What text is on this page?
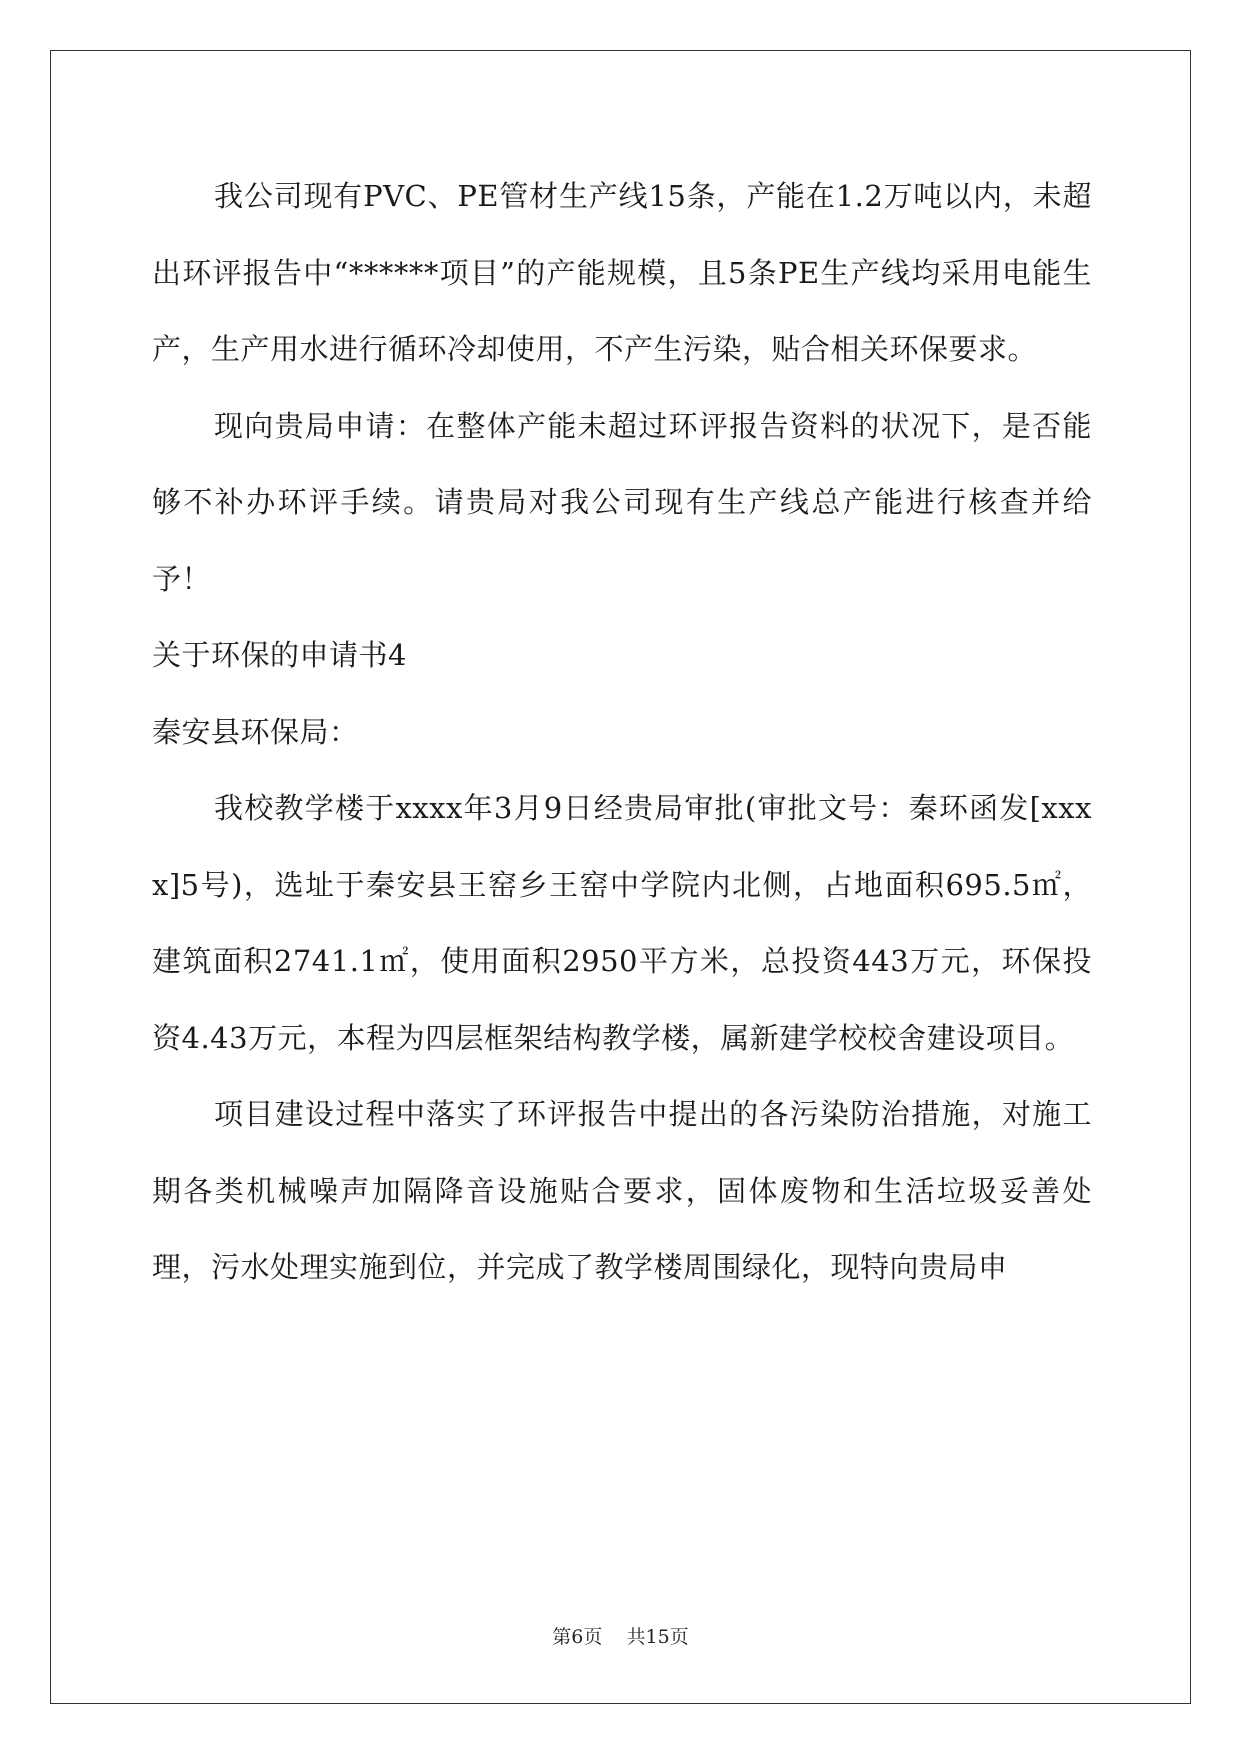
我公司现有PVC、PE管材生产线15条，产能在1.2万吨以内，未超出环评报告中“******项目”的产能规模，且5条PE生产线均采用电能生产，生产用水进行循环冷却使用，不产生污染，贴合相关环保要求。

现向贵局申请：在整体产能未超过环评报告资料的状况下，是否能够不补办环评手续。请贵局对我公司现有生产线总产能进行核查并给予！

关于环保的申请书4

秦安县环保局：

我校教学楼于xxxx年3月9日经贵局审批(审批文号：秦环函发[xxxx]5号)，选址于秦安县王窑乡王窑中学院内北侧，占地面积695.5㎡，建筑面积2741.1㎡，使用面积2950平方米，总投资443万元，环保投资4.43万元，本程为四层框架结构教学楼，属新建学校校舍建设项目。

项目建设过程中落实了环评报告中提出的各污染防治措施，对施工期各类机械噪声加隔降音设施贴合要求，固体废物和生活垃圾妥善处理，污水处理实施到位，并完成了教学楼周围绿化，现特向贵局申

第6页    共15页
